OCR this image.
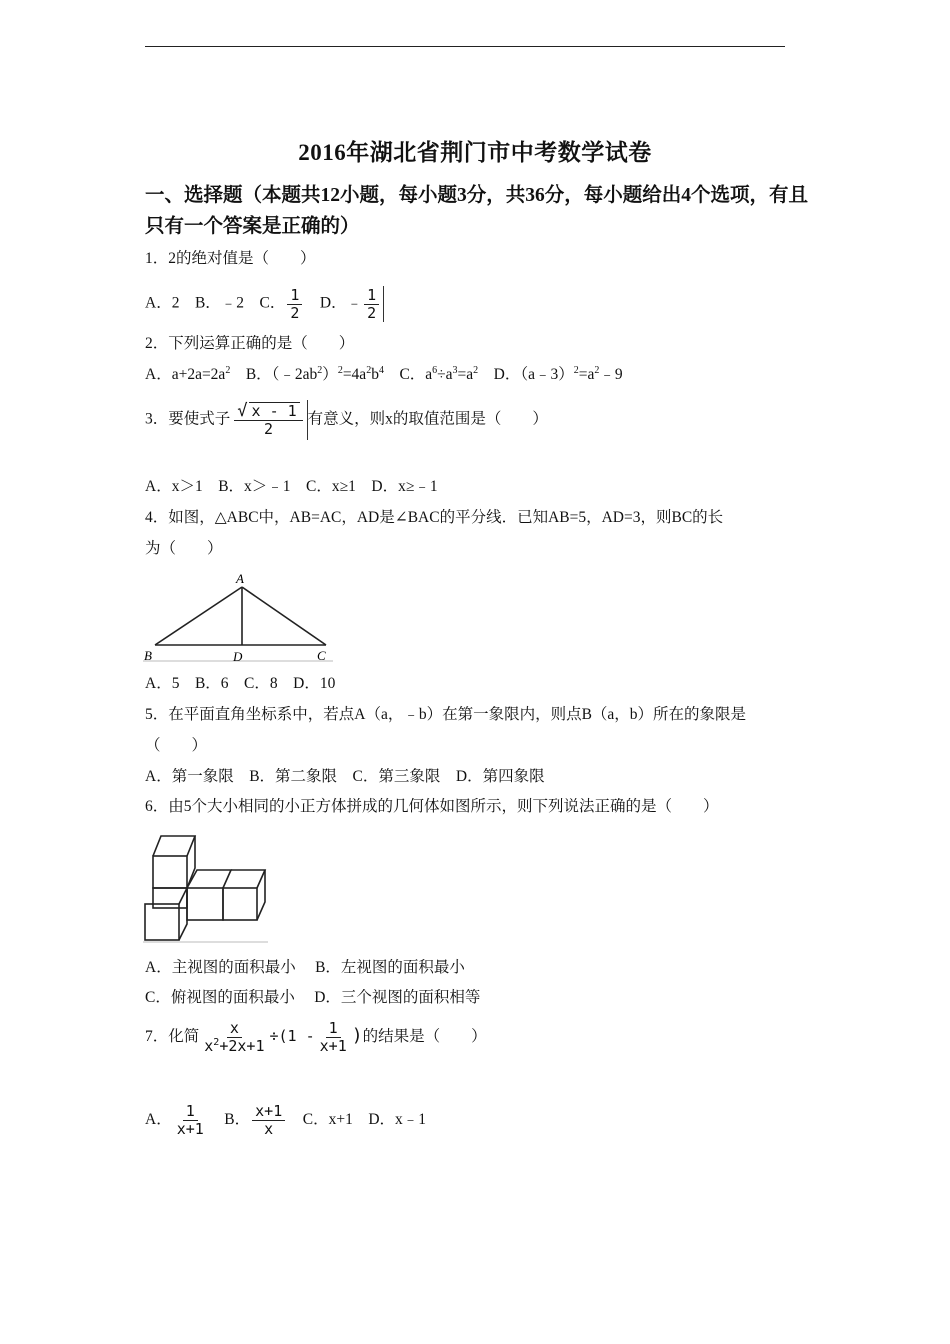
2016年湖北省荆门市中考数学试卷
一、选择题（本题共12小题，每小题3分，共36分，每小题给出4个选项，有且只有一个答案是正确的）
1．2的绝对值是（　　）
A．2　B．﹣2　C． $\frac{1}{2}$ 　D．﹣ $\frac{1}{2}$
2．下列运算正确的是（　　）
A．$a+2a=2a^2$　B．$(﹣2ab^2)^2=4a^2b^4$　C．$a^6\div a^3=a^2$　D．$(a﹣3)^2=a^2﹣9$
3．要使式子 $\frac{√ x - 1}{2}$ 有意义，则x的取值范围是（　　）
A．x＞1　B．x＞﹣1　C．x≥1　D．x≥﹣1
4．如图，△ABC中，AB=AC，AD是∠BAC的平分线．已知AB=5，AD=3，则BC的长
为（　　）
A
B	C
D
A．5　B．6　C．8　D．10
5．在平面直角坐标系中，若点A（a，﹣b）在第一象限内，则点B（a，b）所在的象限是
（　　）
A．第一象限　B．第二象限　C．第三象限　D．第四象限
6．由5个大小相同的小正方体拼成的几何体如图所示，则下列说法正确的是（　　）
A．主视图的面积最小　 B．左视图的面积最小
C．俯视图的面积最小　 D．三个视图的面积相等
7．化简 $\frac{x}{x^2+2x+1} \div(1 - \frac{1}{x+1}$ )的结果是（　　）
A． $\frac{1}{x+1}$ 　B． $\frac{x+1}{x}$ 　C．x+1　D．x﹣1
